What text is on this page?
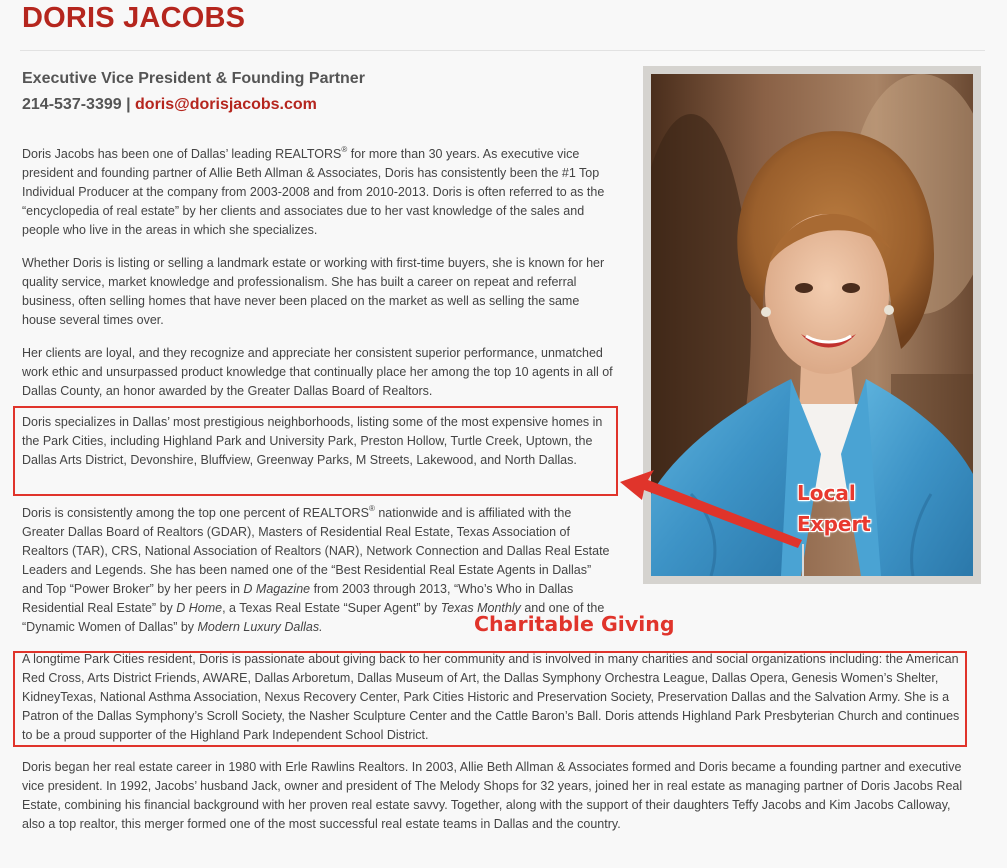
DORIS JACOBS
Executive Vice President & Founding Partner
214-537-3399 | doris@dorisjacobs.com

Doris Jacobs has been one of Dallas’ leading REALTORS® for more than 30 years. As executive vice president and founding partner of Allie Beth Allman & Associates, Doris has consistently been the #1 Top Individual Producer at the company from 2003-2008 and from 2010-2013. Doris is often referred to as the “encyclopedia of real estate” by her clients and associates due to her vast knowledge of the sales and people who live in the areas in which she specializes.

Whether Doris is listing or selling a landmark estate or working with first-time buyers, she is known for her quality service, market knowledge and professionalism. She has built a career on repeat and referral business, often selling homes that have never been placed on the market as well as selling the same house several times over.

Her clients are loyal, and they recognize and appreciate her consistent superior performance, unmatched work ethic and unsurpassed product knowledge that continually place her among the top 10 agents in all of Dallas County, an honor awarded by the Greater Dallas Board of Realtors.

Doris specializes in Dallas’ most prestigious neighborhoods, listing some of the most expensive homes in the Park Cities, including Highland Park and University Park, Preston Hollow, Turtle Creek, Uptown, the Dallas Arts District, Devonshire, Bluffview, Greenway Parks, M Streets, Lakewood, and North Dallas.

Doris is consistently among the top one percent of REALTORS® nationwide and is affiliated with the Greater Dallas Board of Realtors (GDAR), Masters of Residential Real Estate, Texas Association of Realtors (TAR), CRS, National Association of Realtors (NAR), Network Connection and Dallas Real Estate Leaders and Legends. She has been named one of the “Best Residential Real Estate Agents in Dallas” and Top “Power Broker” by her peers in D Magazine from 2003 through 2013, “Who’s Who in Dallas Residential Real Estate” by D Home, a Texas Real Estate “Super Agent” by Texas Monthly and one of the “Dynamic Women of Dallas” by Modern Luxury Dallas.

A longtime Park Cities resident, Doris is passionate about giving back to her community and is involved in many charities and social organizations including: the American Red Cross, Arts District Friends, AWARE, Dallas Arboretum, Dallas Museum of Art, the Dallas Symphony Orchestra League, Dallas Opera, Genesis Women’s Shelter, KidneyTexas, National Asthma Association, Nexus Recovery Center, Park Cities Historic and Preservation Society, Preservation Dallas and the Salvation Army. She is a Patron of the Dallas Symphony’s Scroll Society, the Nasher Sculpture Center and the Cattle Baron’s Ball. Doris attends Highland Park Presbyterian Church and continues to be a proud supporter of the Highland Park Independent School District.

Doris began her real estate career in 1980 with Erle Rawlins Realtors. In 2003, Allie Beth Allman & Associates formed and Doris became a founding partner and executive vice president. In 1992, Jacobs’ husband Jack, owner and president of The Melody Shops for 32 years, joined her in real estate as managing partner of Doris Jacobs Real Estate, combining his financial background with her proven real estate savvy. Together, along with the support of their daughters Teffy Jacobs and Kim Jacobs Calloway, also a top realtor, this merger formed one of the most successful real estate teams in Dallas and the country.

Local
Expert
Charitable Giving
